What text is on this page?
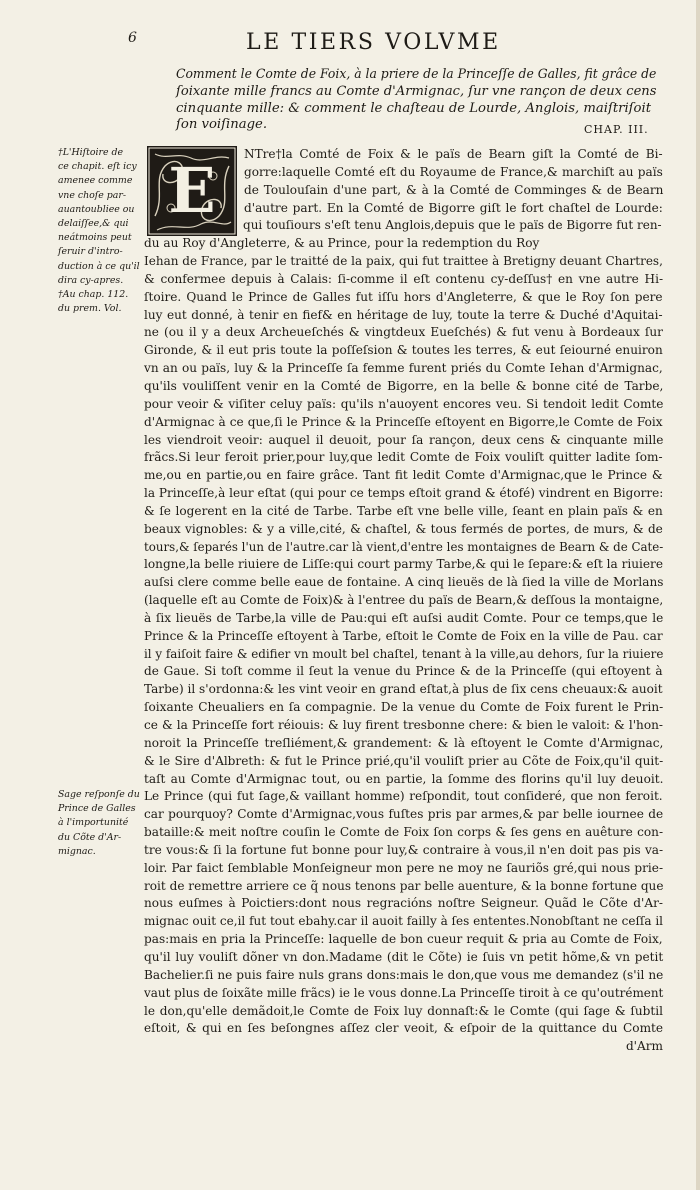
6	LE TIERS VOLVME
Comment le Comte de Foix, à la priere de la Princeſſe de Galles, fit grâce de
ſoixante mille francs au Comte d'Armignac, ſur vne rançon de deux cens
cinquante mille: & comment le chaſteau de Lourde, Anglois, maiſtriſoit
ſon voiſinage.	CHAP. III.
†L'Hiſtoire de
ce chapit. eſt icy
amenee comme
vne choſe par-
auantoubliee ou
delaiſſee,& qui
neátmoins peut
ſeruir d'intro-
duction à ce qu'il
dira cy-apres.
†Au chap. 112.
du prem. Vol.
Sage reſponſe du
Prince de Galles
à l'importunité
du Cõte d'Ar-
mignac.
NTre†la Comté de Foix & le païs de Bearn giſt la Comté de Bi-
gorre:laquelle Comté eſt du Royaume de France,& marchiſt au païs
de Toulouſain d'une part, & à la Comté de Comminges & de Bearn
d'autre part. En la Comté de Bigorre giſt le fort chaſtel de Lourde:
qui touſiours s'eſt tenu Anglois,depuis que le païs de Bigorre fut ren-
du au Roy d'Angleterre, & au Prince, pour la redemption du Roy
Iehan de France, par le traitté de la paix, qui fut traittee à Bretigny deuant Chartres,
& confermee depuis à Calais: ſi-comme il eſt contenu cy-deſſus† en vne autre Hi-
ſtoire. Quand le Prince de Galles fut iſſu hors d'Angleterre, & que le Roy ſon pere
luy eut donné, à tenir en fief& en héritage de luy, toute la terre & Duché d'Aquitai-
ne (ou il y a deux Archeueſchés & vingtdeux Eueſchés) & fut venu à Bordeaux ſur
Gironde, & il eut pris toute la poſſeſsion & toutes les terres, & eut ſeiourné enuiron
vn an ou païs, luy & la Princeſſe ſa femme furent priés du Comte Iehan d'Armignac,
qu'ils vouliſſent venir en la Comté de Bigorre, en la belle & bonne cité de Tarbe,
pour veoir & viſiter celuy païs: qu'ils n'auoyent encores veu. Si tendoit ledit Comte
d'Armignac à ce que,ſi le Prince & la Princeſſe eſtoyent en Bigorre,le Comte de Foix
les viendroit veoir: auquel il deuoit, pour ſa rançon, deux cens & cinquante mille
frãcs.Si leur feroit prier,pour luy,que ledit Comte de Foix vouliſt quitter ladite ſom-
me,ou en partie,ou en faire grâce. Tant fit ledit Comte d'Armignac,que le Prince &
la Princeſſe,à leur eſtat (qui pour ce temps eſtoit grand & étofé) vindrent en Bigorre:
& ſe logerent en la cité de Tarbe. Tarbe eſt vne belle ville, ſeant en plain païs & en
beaux vignobles: & y a ville,cité, & chaſtel, & tous fermés de portes, de murs, & de
tours,& ſeparés l'un de l'autre.car là vient,d'entre les montaignes de Bearn & de Cate-
longne,la belle riuiere de Liſſe:qui court parmy Tarbe,& qui le ſepare:& eſt la riuiere
auſsi clere comme belle eaue de fontaine. A cinq lieuës de là ſied la ville de Morlans
(laquelle eſt au Comte de Foix)& à l'entree du païs de Bearn,& deſſous la montaigne,
à ſix lieuës de Tarbe,la ville de Pau:qui eſt auſsi audit Comte. Pour ce temps,que le
Prince & la Princeſſe eſtoyent à Tarbe, eſtoit le Comte de Foix en la ville de Pau. car
il y faiſoit faire & edifier vn moult bel chaſtel, tenant à la ville,au dehors, ſur la riuiere
de Gaue. Si toſt comme il ſeut la venue du Prince & de la Princeſſe (qui eſtoyent à
Tarbe) il s'ordonna:& les vint veoir en grand eſtat,à plus de ſix cens cheuaux:& auoit
ſoixante Cheualiers en ſa compagnie. De la venue du Comte de Foix furent le Prin-
ce & la Princeſſe fort réiouis: & luy firent tresbonne chere: & bien le valoit: & l'hon-
noroit la Princeſſe treſliément,& grandement: & là eſtoyent le Comte d'Armignac,
& le Sire d'Albreth: & fut le Prince prié,qu'il vouliſt prier au Cõte de Foix,qu'il quit-
taſt au Comte d'Armignac tout, ou en partie, la ſomme des florins qu'il luy deuoit.
Le Prince (qui fut ſage,& vaillant homme) reſpondit, tout conſideré, que non feroit.
car pourquoy? Comte d'Armignac,vous fuſtes pris par armes,& par belle iournee de
bataille:& meit noſtre couſin le Comte de Foix ſon corps & ſes gens en auêture con-
tre vous:& ſi la fortune fut bonne pour luy,& contraire à vous,il n'en doit pas pis va-
loir. Par faict ſemblable Monſeigneur mon pere ne moy ne ſauriõs gré,qui nous prie-
roit de remettre arriere ce q̃ nous tenons par belle auenture, & la bonne fortune que
nous euſmes à Poictiers:dont nous regracións noſtre Seigneur. Quãd le Cõte d'Ar-
mignac ouit ce,il fut tout ebahy.car il auoit failly à ſes ententes.Nonobſtant ne ceſſa il
pas:mais en pria la Princeſſe: laquelle de bon cueur requit & pria au Comte de Foix,
qu'il luy vouliſt dõner vn don.Madame (dit le Cõte) ie ſuis vn petit hõme,& vn petit
Bachelier.ſi ne puis faire nuls grans dons:mais le don,que vous me demandez (s'il ne
vaut plus de ſoixãte mille frãcs) ie le vous donne.La Princeſſe tiroit à ce qu'outrément
le don,qu'elle demãdoit,le Comte de Foix luy donnaſt:& le Comte (qui ſage & ſubtil
eſtoit, & qui en ſes beſongnes aſſez cler veoit, & eſpoir de la quittance du Comte
d'Arm
E
